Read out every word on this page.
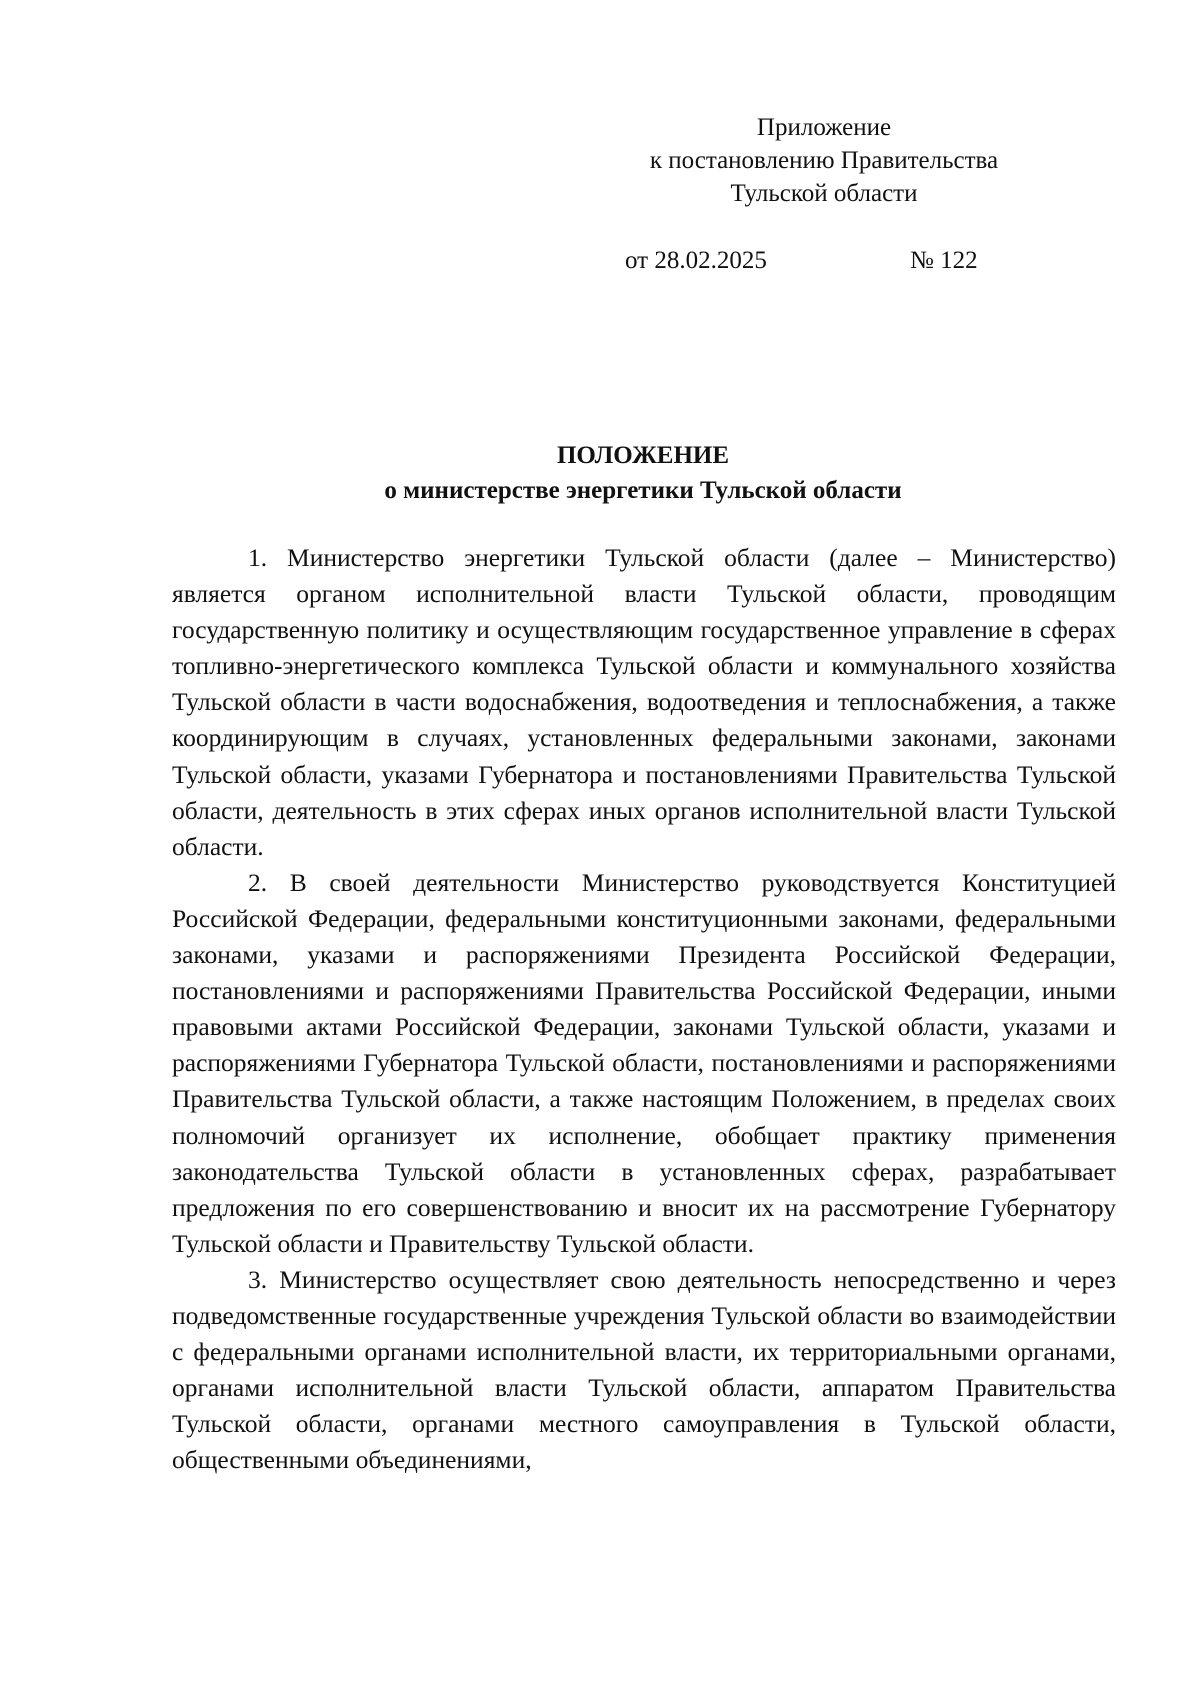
Приложение
к постановлению Правительства
Тульской области
от 28.02.2025	№ 122
ПОЛОЖЕНИЕ
о министерстве энергетики Тульской области

1. Министерство энергетики Тульской области (далее – Министерство) является органом исполнительной власти Тульской области, проводящим государственную политику и осуществляющим государственное управление в сферах топливно-энергетического комплекса Тульской области и коммунального хозяйства Тульской области в части водоснабжения, водоотведения и теплоснабжения, а также координирующим в случаях, установленных федеральными законами, законами Тульской области, указами Губернатора и постановлениями Правительства Тульской области, деятельность в этих сферах иных органов исполнительной власти Тульской области.

2. В своей деятельности Министерство руководствуется Конституцией Российской Федерации, федеральными конституционными законами, федеральными законами, указами и распоряжениями Президента Российской Федерации, постановлениями и распоряжениями Правительства Российской Федерации, иными правовыми актами Российской Федерации, законами Тульской области, указами и распоряжениями Губернатора Тульской области, постановлениями и распоряжениями Правительства Тульской области, а также настоящим Положением, в пределах своих полномочий организует их исполнение, обобщает практику применения законодательства Тульской области в установленных сферах, разрабатывает предложения по его совершенствованию и вносит их на рассмотрение Губернатору Тульской области и Правительству Тульской области.

3. Министерство осуществляет свою деятельность непосредственно и через подведомственные государственные учреждения Тульской области во взаимодействии с федеральными органами исполнительной власти, их территориальными органами, органами исполнительной власти Тульской области, аппаратом Правительства Тульской области, органами местного самоуправления в Тульской области, общественными объединениями,
